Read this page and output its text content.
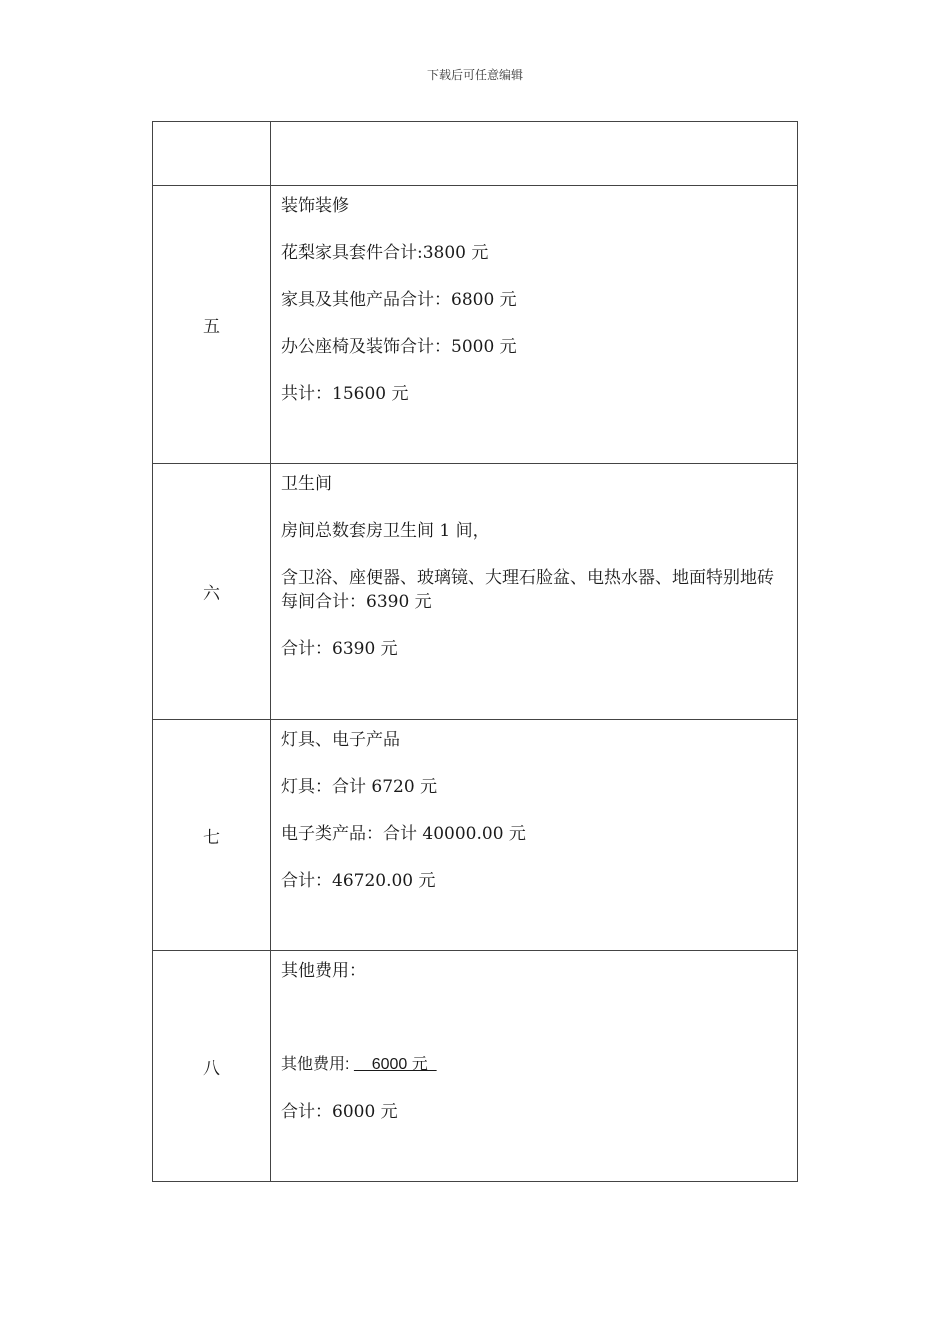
下载后可任意编辑

五	装饰装修
花梨家具套件合计:3800 元
家具及其他产品合计：6800 元
办公座椅及装饰合计：5000 元
共计：15600 元

六	卫生间
房间总数套房卫生间 1 间，
含卫浴、座便器、玻璃镜、大理石脸盆、电热水器、地面特别地砖每间合计：6390 元
合计：6390 元

七	灯具、电子产品
灯具：合计 6720 元
电子类产品：合计 40000.00 元
合计：46720.00 元

八	其他费用：
其他费用:     6000 元
合计：6000 元
